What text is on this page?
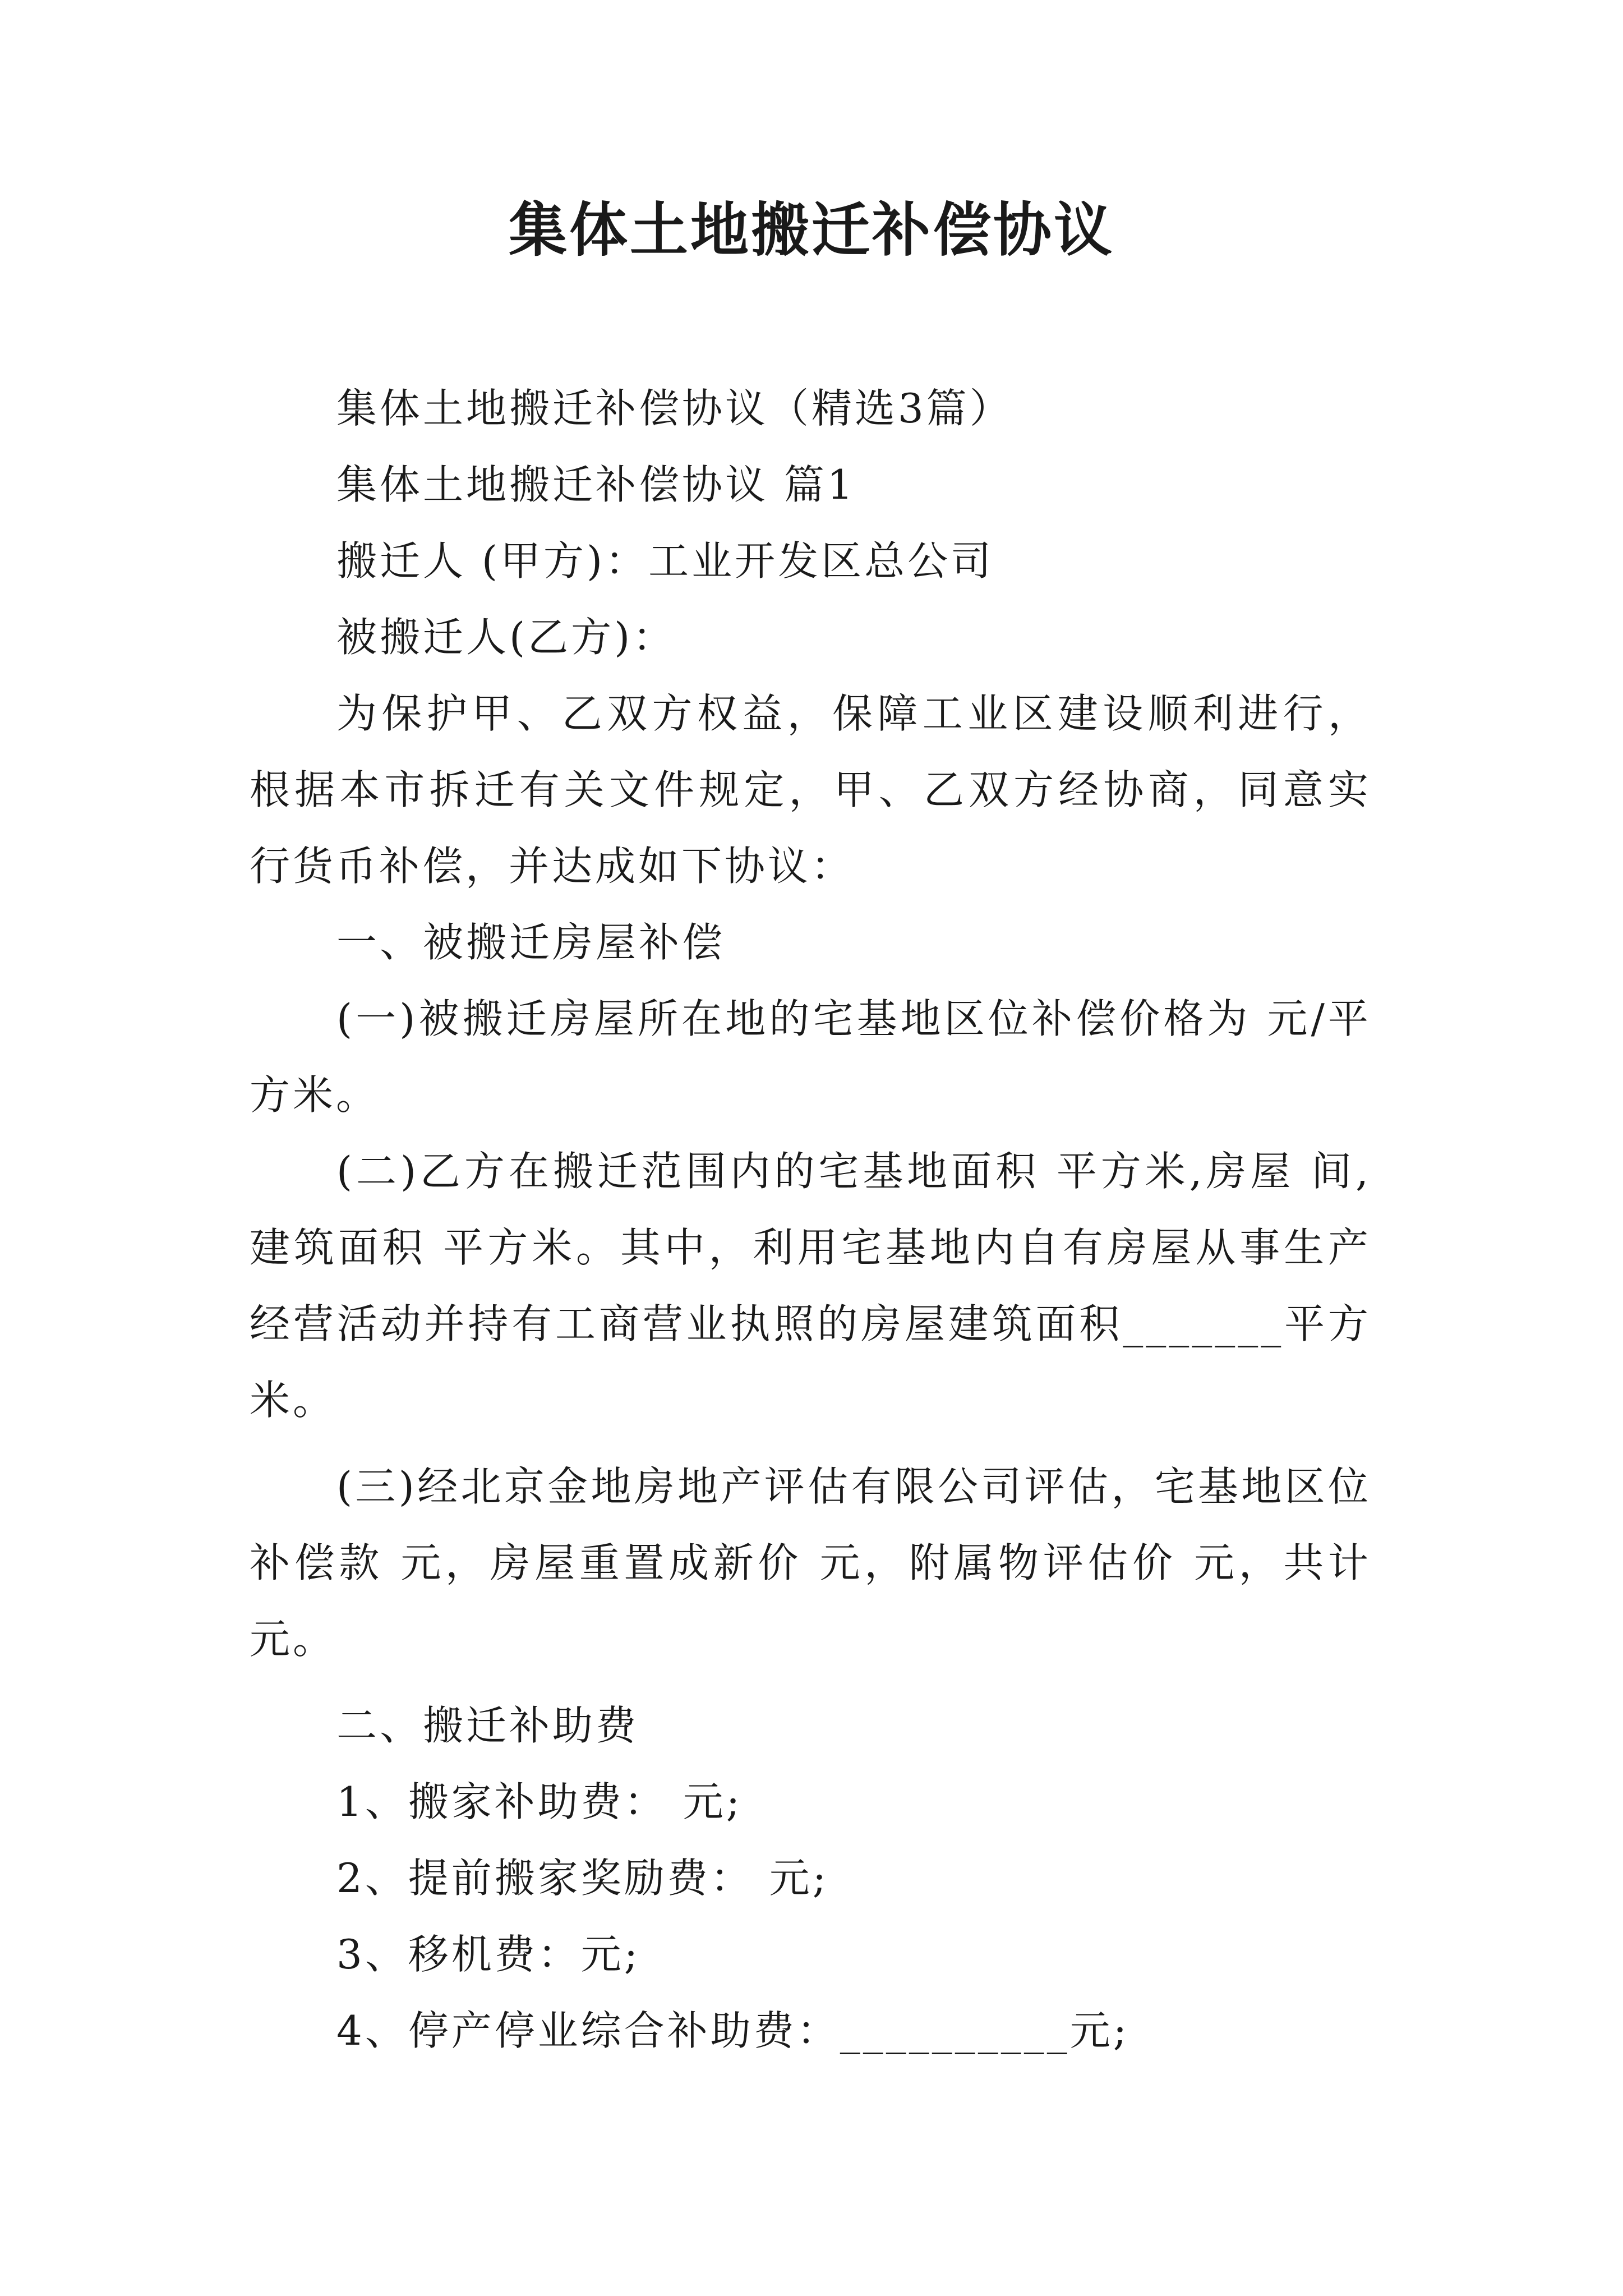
集体土地搬迁补偿协议

集体土地搬迁补偿协议（精选3篇）

集体土地搬迁补偿协议 篇1

搬迁人 (甲方)：工业开发区总公司

被搬迁人(乙方)：

为保护甲、乙双方权益，保障工业区建设顺利进行，根据本市拆迁有关文件规定，甲、乙双方经协商，同意实行货币补偿，并达成如下协议：

一、被搬迁房屋补偿

(一)被搬迁房屋所在地的宅基地区位补偿价格为 元/平方米。

(二)乙方在搬迁范围内的宅基地面积 平方米,房屋 间,建筑面积 平方米。其中，利用宅基地内自有房屋从事生产经营活动并持有工商营业执照的房屋建筑面积_______平方米。

(三)经北京金地房地产评估有限公司评估，宅基地区位补偿款 元，房屋重置成新价 元，附属物评估价 元，共计元。

二、搬迁补助费

1、搬家补助费： 元;

2、提前搬家奖励费： 元;

3、移机费：元;

4、停产停业综合补助费：__________元;
